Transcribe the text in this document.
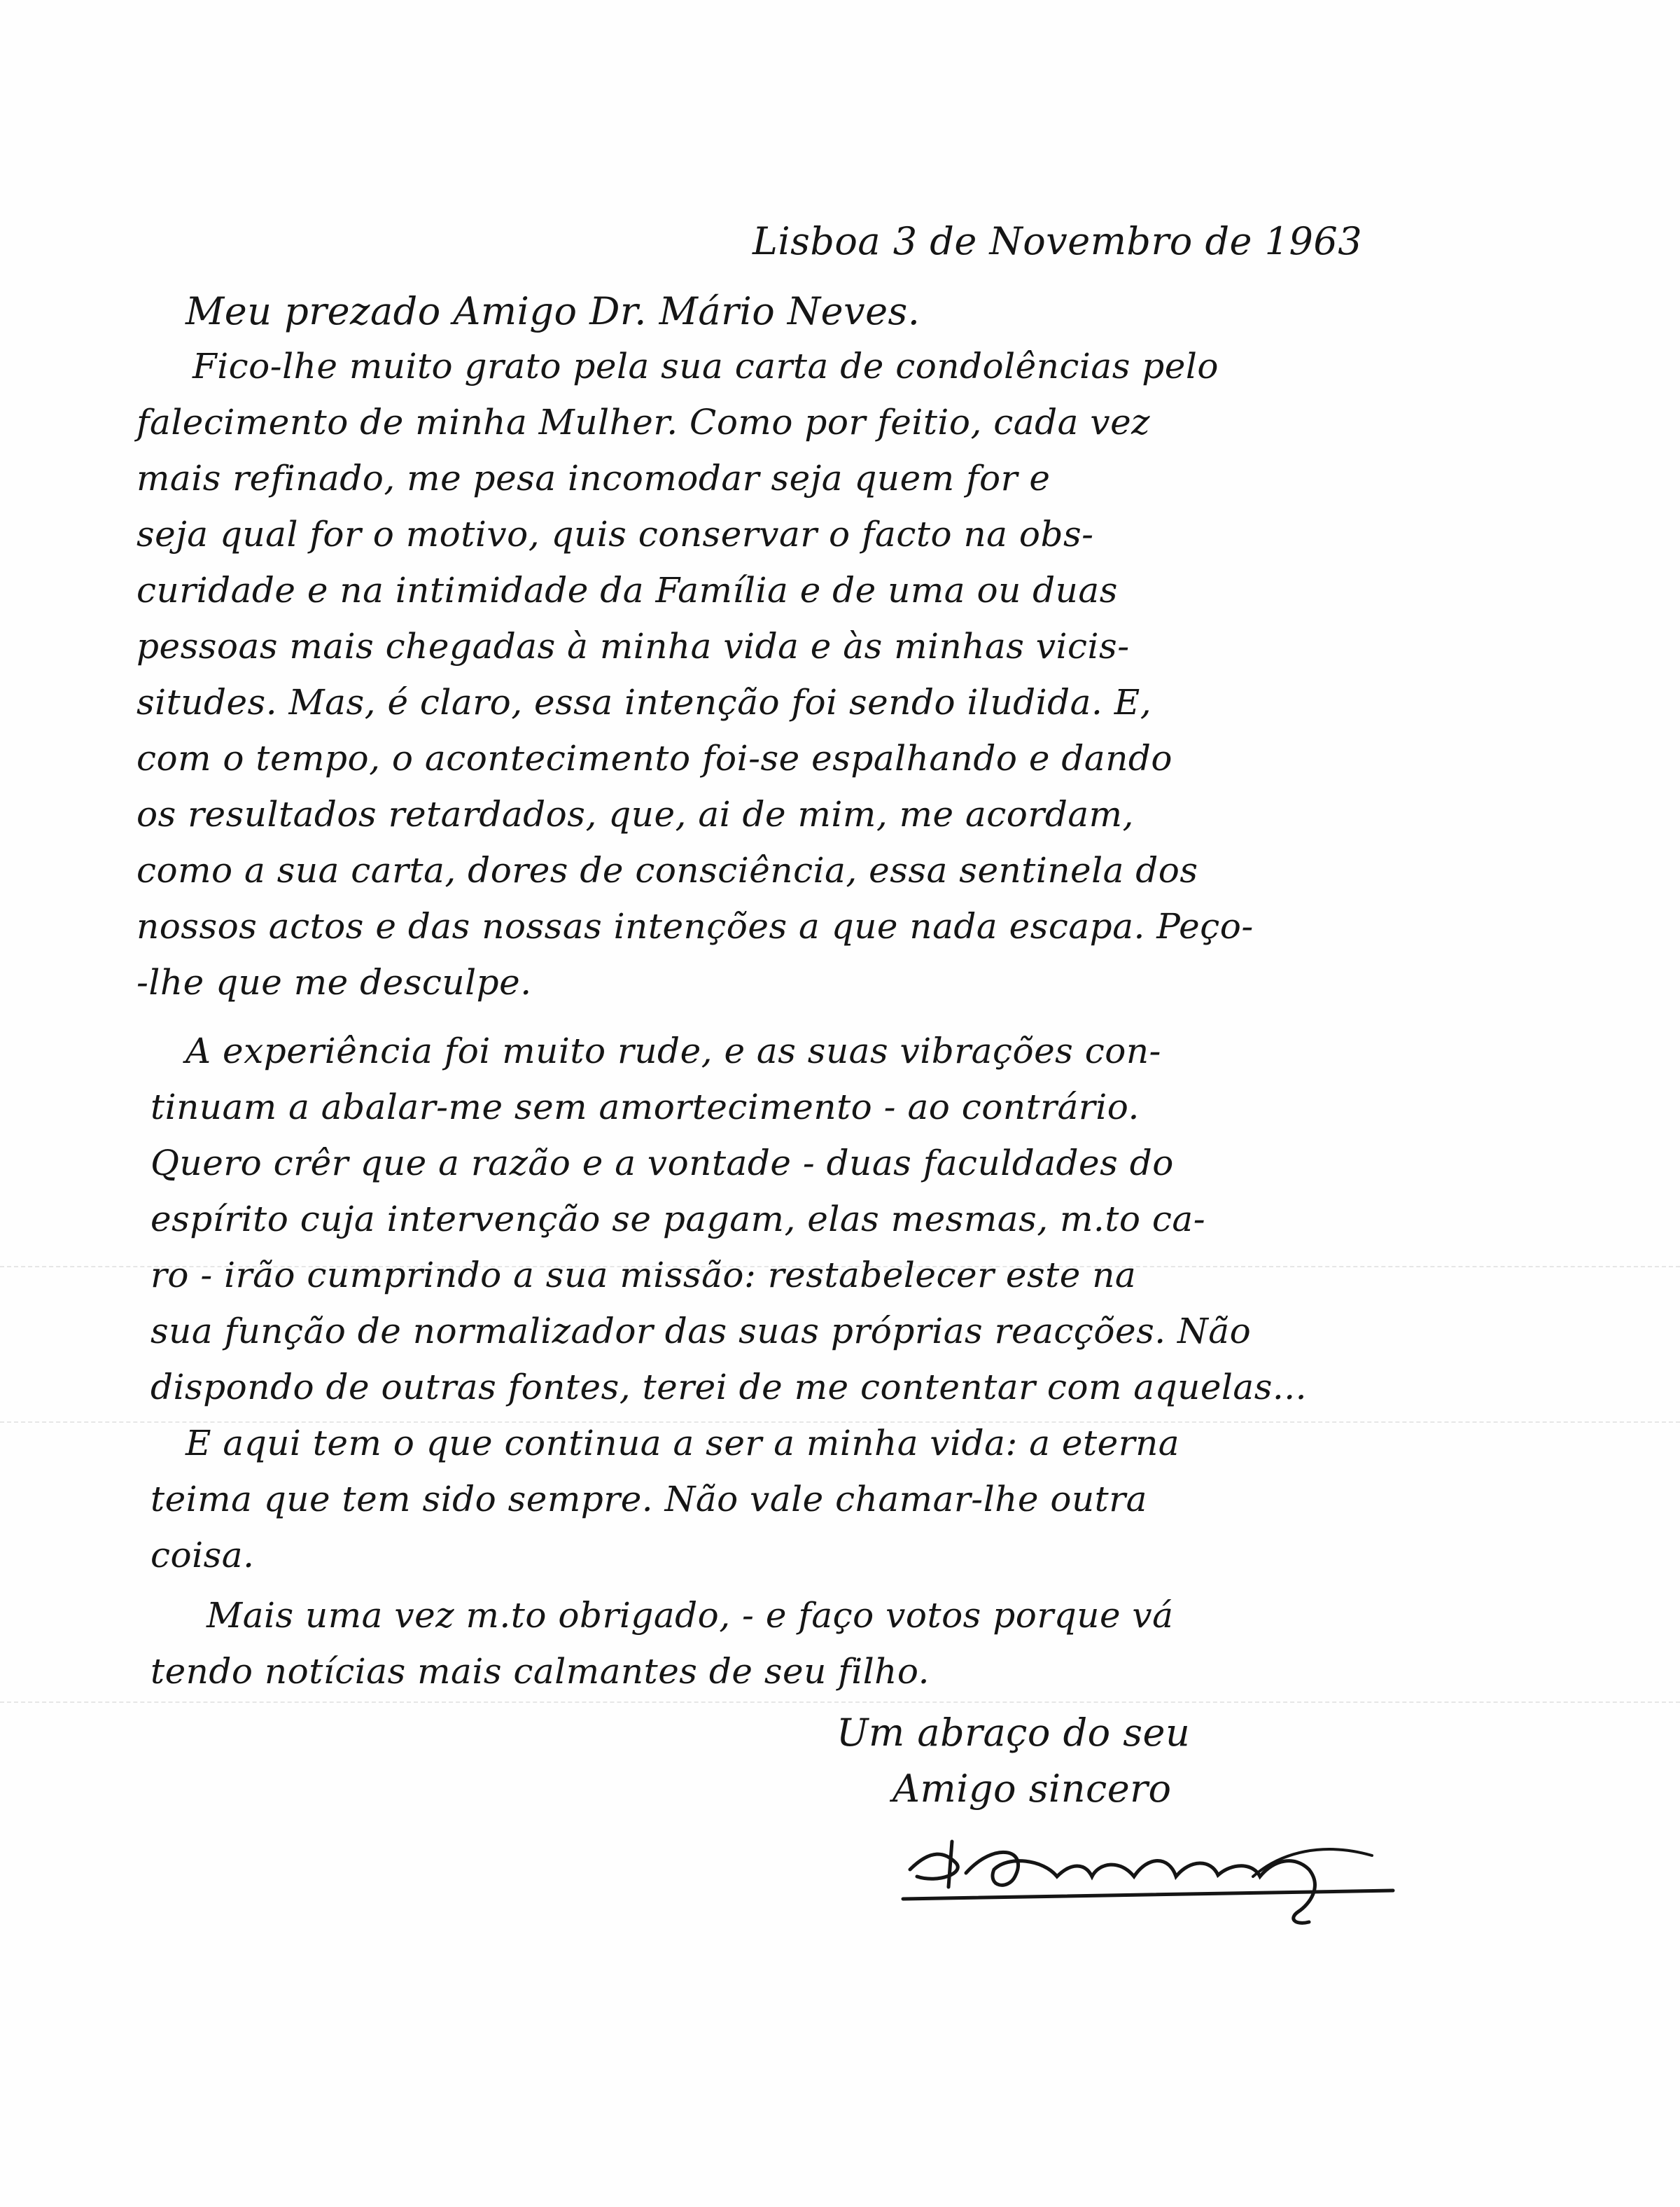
Lisboa 3 de Novembro de 1963
Meu prezado Amigo Dr. Mário Neves.
Fico-lhe muito grato pela sua carta de condolências pelo
falecimento de minha Mulher. Como por feitio, cada vez
mais refinado, me pesa incomodar seja quem for e
seja qual for o motivo, quis conservar o facto na obs-
curidade e na intimidade da Família e de uma ou duas
pessoas mais chegadas à minha vida e às minhas vicis-
situdes. Mas, é claro, essa intenção foi sendo iludida. E,
com o tempo, o acontecimento foi-se espalhando e dando
os resultados retardados, que, ai de mim, me acordam,
como a sua carta, dores de consciência, essa sentinela dos
nossos actos e das nossas intenções a que nada escapa. Peço-
-lhe que me desculpe.
A experiência foi muito rude, e as suas vibrações con-
tinuam a abalar-me sem amortecimento - ao contrário.
Quero crêr que a razão e a vontade - duas faculdades do
espírito cuja intervenção se pagam, elas mesmas, m.to ca-
ro - irão cumprindo a sua missão: restabelecer este na
sua função de normalizador das suas próprias reacções. Não
dispondo de outras fontes, terei de me contentar com aquelas...
E aqui tem o que continua a ser a minha vida: a eterna
teima que tem sido sempre. Não vale chamar-lhe outra
coisa.
Mais uma vez m.to obrigado, - e faço votos porque vá
tendo notícias mais calmantes de seu filho.
Um abraço do seu
Amigo sincero
